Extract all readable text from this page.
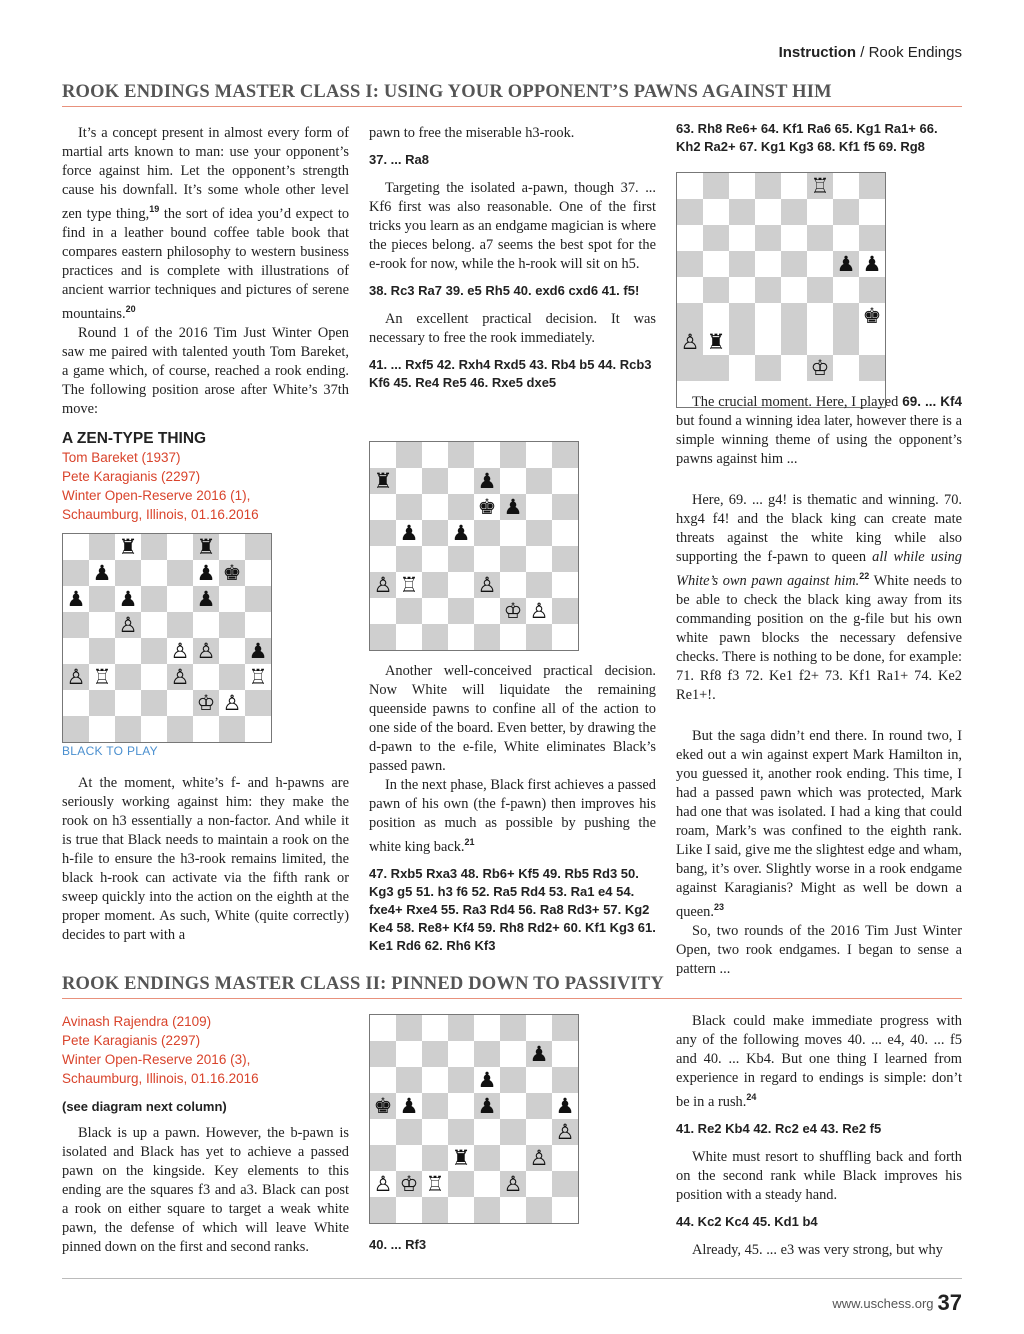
Instruction / Rook Endings
ROOK ENDINGS MASTER CLASS I: USING YOUR OPPONENT’S PAWNS AGAINST HIM

It’s a concept present in almost every form of martial arts known to man: use your opponent’s force against him. Let the opponent’s strength cause his downfall. It’s some whole other level zen type thing,$^{19}$ the sort of idea you’d expect to find in a leather bound coffee table book that compares eastern philosophy to western business practices and is complete with illustrations of ancient warrior techniques and pictures of serene mountains.$^{20}$

Round 1 of the 2016 Tim Just Winter Open saw me paired with talented youth Tom Bareket, a game which, of course, reached a rook ending. The following position arose after White’s 37th move:

A ZEN-TYPE THING
Tom Bareket (1937)
Pete Karagianis (2297)
Winter Open-Reserve 2016 (1),
Schaumburg, Illinois, 01.16.2016
♜	♜
♟	♟ ♚
♟ ♟	♟
♙
♙ ♙ ♟
♙ ♖	♙	♖
♔ ♙
BLACK TO PLAY

At the moment, white’s f- and h-pawns are seriously working against him: they make the rook on h3 essentially a non-factor. And while it is true that Black needs to maintain a rook on the h-file to ensure the h3-rook remains limited, the black h-rook can activate via the fifth rank or sweep quickly into the action on the eighth at the proper moment. As such, White (quite correctly) decides to part with a

pawn to free the miserable h3-rook.

37. ... Ra8

Targeting the isolated a-pawn, though 37. ... Kf6 first was also reasonable. One of the first tricks you learn as an endgame magician is where the pieces belong. a7 seems the best spot for the e-rook for now, while the h-rook will sit on h5.

38. Rc3 Ra7 39. e5 Rh5 40. exd6 cxd6 41. f5!

An excellent practical decision. It was necessary to free the rook immediately.

41. ... Rxf5 42. Rxh4 Rxd5 43. Rb4 b5 44. Rcb3 Kf6 45. Re4 Re5 46. Rxe5 dxe5
♜	♟
♚ ♟
♟ ♟
♙ ♖	♙
♔ ♙

Another well-conceived practical decision. Now White will liquidate the remaining queenside pawns to confine all of the action to one side of the board. Even better, by drawing the d-pawn to the e-file, White eliminates Black’s passed pawn.

In the next phase, Black first achieves a passed pawn of his own (the f-pawn) then improves his position as much as possible by pushing the white king back.$^{21}$

47. Rxb5 Rxa3 48. Rb6+ Kf5 49. Rb5 Rd3 50. Kg3 g5 51. h3 f6 52. Ra5 Rd4 53. Ra1 e4 54. fxe4+ Rxe4 55. Ra3 Rd4 56. Ra8 Rd3+ 57. Kg2 Ke4 58. Re8+ Kf4 59. Rh8 Rd2+ 60. Kf1 Kg3 61. Ke1 Rd6 62. Rh6 Kf3
63. Rh8 Re6+ 64. Kf1 Ra6 65. Kg1 Ra1+ 66. Kh2 Ra2+ 67. Kg1 Kg3 68. Kf1 f5 69. Rg8
♖
♟ ♟
♚
♙ ♜
♔

The crucial moment. Here, I played 69. ... Kf4 but found a winning idea later, however there is a simple winning theme of using the opponent’s pawns against him ...

Here, 69. ... g4! is thematic and winning. 70. hxg4 f4! and the black king can create mate threats against the white king while also supporting the f-pawn to queen all while using White’s own pawn against him.$^{22}$ White needs to be able to check the black king away from its commanding position on the g-file but his own white pawn blocks the necessary defensive checks. There is nothing to be done, for example: 71. Rf8 f3 72. Ke1 f2+ 73. Kf1 Ra1+ 74. Ke2 Re1+!.

But the saga didn’t end there. In round two, I eked out a win against expert Mark Hamilton in, you guessed it, another rook ending. This time, I had a passed pawn which was protected, Mark had one that was isolated. I had a king that could roam, Mark’s was confined to the eighth rank. Like I said, give me the slightest edge and wham, bang, it’s over. Slightly worse in a rook endgame against Karagianis? Might as well be down a queen.$^{23}$

So, two rounds of the 2016 Tim Just Winter Open, two rook endgames. I began to sense a pattern ...

ROOK ENDINGS MASTER CLASS II: PINNED DOWN TO PASSIVITY
Avinash Rajendra (2109)
Pete Karagianis (2297)
Winter Open-Reserve 2016 (3),
Schaumburg, Illinois, 01.16.2016
(see diagram next column)

Black is up a pawn. However, the b-pawn is isolated and Black has yet to achieve a passed pawn on the kingside. Key elements to this ending are the squares f3 and a3. Black can post a rook on either square to target a weak white pawn, the defense of which will leave White pinned down on the first and second ranks.

♟
♟
♚ ♟	♟	♟
♙
♜	♙
♙ ♔ ♖	♙
40. ... Rf3

Black could make immediate progress with any of the following moves 40. ... e4, 40. ... f5 and 40. ... Kb4. But one thing I learned from experience in regard to endings is simple: don’t be in a rush.$^{24}$

41. Re2 Kb4 42. Rc2 e4 43. Re2 f5

White must resort to shuffling back and forth on the second rank while Black improves his position with a steady hand.

44. Kc2 Kc4 45. Kd1 b4

Already, 45. ... e3 was very strong, but why

www.uschess.org 37
